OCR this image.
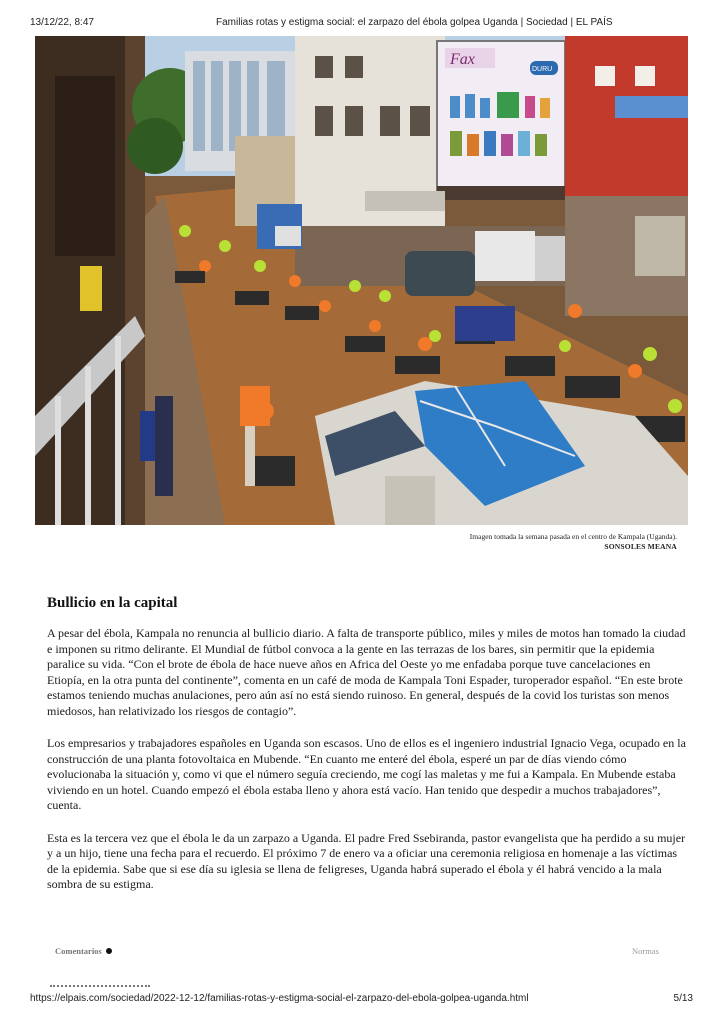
13/12/22, 8:47	Familias rotas y estigma social: el zarpazo del ébola golpea Uganda | Sociedad | EL PAÍS
Fax
DURU
Imagen tomada la semana pasada en el centro de Kampala (Uganda).
SONSOLES MEANA
Bullicio en la capital

A pesar del ébola, Kampala no renuncia al bullicio diario. A falta de transporte público, miles y miles de motos han tomado la ciudad e imponen su ritmo delirante. El Mundial de fútbol convoca a la gente en las terrazas de los bares, sin permitir que la epidemia paralice su vida. “Con el brote de ébola de hace nueve años en Africa del Oeste yo me enfadaba porque tuve cancelaciones en Etiopía, en la otra punta del continente”, comenta en un café de moda de Kampala Toni Espader, turoperador español. “En este brote estamos teniendo muchas anulaciones, pero aún así no está siendo ruinoso. En general, después de la covid los turistas son menos miedosos, han relativizado los riesgos de contagio”.

Los empresarios y trabajadores españoles en Uganda son escasos. Uno de ellos es el ingeniero industrial Ignacio Vega, ocupado en la construcción de una planta fotovoltaica en Mubende. “En cuanto me enteré del ébola, esperé un par de días viendo cómo evolucionaba la situación y, como vi que el número seguía creciendo, me cogí las maletas y me fui a Kampala. En Mubende estaba viviendo en un hotel. Cuando empezó el ébola estaba lleno y ahora está vacío. Han tenido que despedir a muchos trabajadores”, cuenta.

Esta es la tercera vez que el ébola le da un zarpazo a Uganda. El padre Fred Ssebiranda, pastor evangelista que ha perdido a su mujer y a un hijo, tiene una fecha para el recuerdo. El próximo 7 de enero va a oficiar una ceremonia religiosa en homenaje a las víctimas de la epidemia. Sabe que si ese día su iglesia se llena de feligreses, Uganda habrá superado el ébola y él habrá vencido a la mala sombra de su estigma.

Comentarios	Normas
https://elpais.com/sociedad/2022-12-12/familias-rotas-y-estigma-social-el-zarpazo-del-ebola-golpea-uganda.html	5/13
